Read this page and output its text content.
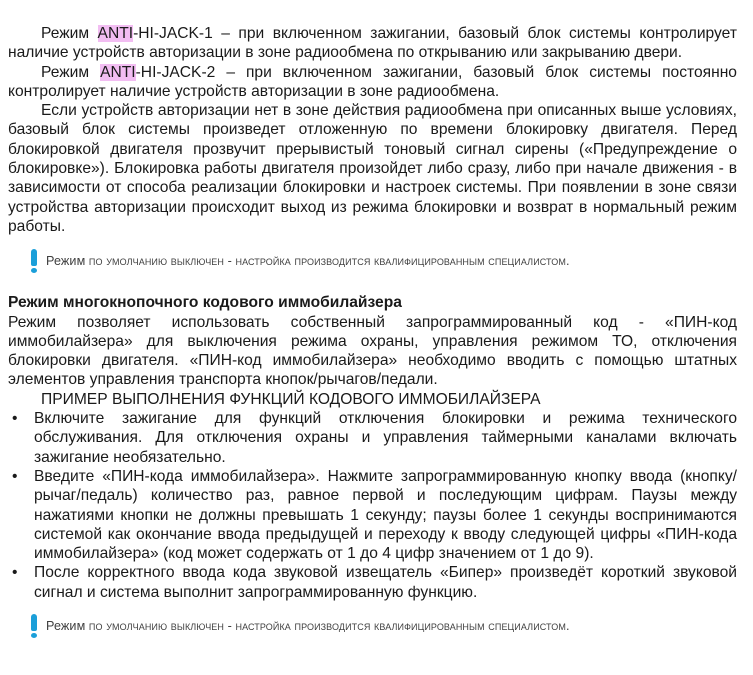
Режим ANTI-HI-JACK-1 – при включенном зажигании, базовый блок системы контролирует наличие устройств авторизации в зоне радиообмена по открыванию или закрыванию двери.

Режим ANTI-HI-JACK-2 – при включенном зажигании, базовый блок системы постоянно контролирует наличие устройств авторизации в зоне радиообмена.

Если устройств авторизации нет в зоне действия радиообмена при описанных выше условиях, базовый блок системы произведет отложенную по времени блокировку двигателя. Перед блокировкой двигателя прозвучит прерывистый тоновый сигнал сирены («Предупреждение о блокировке»). Блокировка работы двигателя произойдет либо сразу, либо при начале движения - в зависимости от способа реализации блокировки и настроек системы. При появлении в зоне связи устройства авторизации происходит выход из режима блокировки и возврат в нормальный режим работы.

Режим по умолчанию выключен - настройка производится квалифицированным специалистом.

Режим многокнопочного кодового иммобилайзера

Режим позволяет использовать собственный запрограммированный код - «ПИН-код иммобилайзера» для выключения режима охраны, управления режимом ТО, отключения блокировки двигателя. «ПИН-код иммобилайзера» необходимо вводить с помощью штатных элементов управления транспорта кнопок/рычагов/педали.

ПРИМЕР ВЫПОЛНЕНИЯ ФУНКЦИЙ КОДОВОГО ИММОБИЛАЙЗЕРА

• Включите зажигание для функций отключения блокировки и режима технического обслуживания. Для отключения охраны и управления таймерными каналами включать зажигание необязательно.
• Введите «ПИН-кода иммобилайзера». Нажмите запрограммированную кнопку ввода (кнопку/рычаг/педаль) количество раз, равное первой и последующим цифрам. Паузы между нажатиями кнопки не должны превышать 1 секунду; паузы более 1 секунды воспринимаются системой как окончание ввода предыдущей и переходу к вводу следующей цифры «ПИН-кода иммобилайзера» (код может содержать от 1 до 4 цифр значением от 1 до 9).
• После корректного ввода кода звуковой извещатель «Бипер» произведёт короткий звуковой сигнал и система выполнит запрограммированную функцию.
Режим по умолчанию выключен - настройка производится квалифицированным специалистом.
